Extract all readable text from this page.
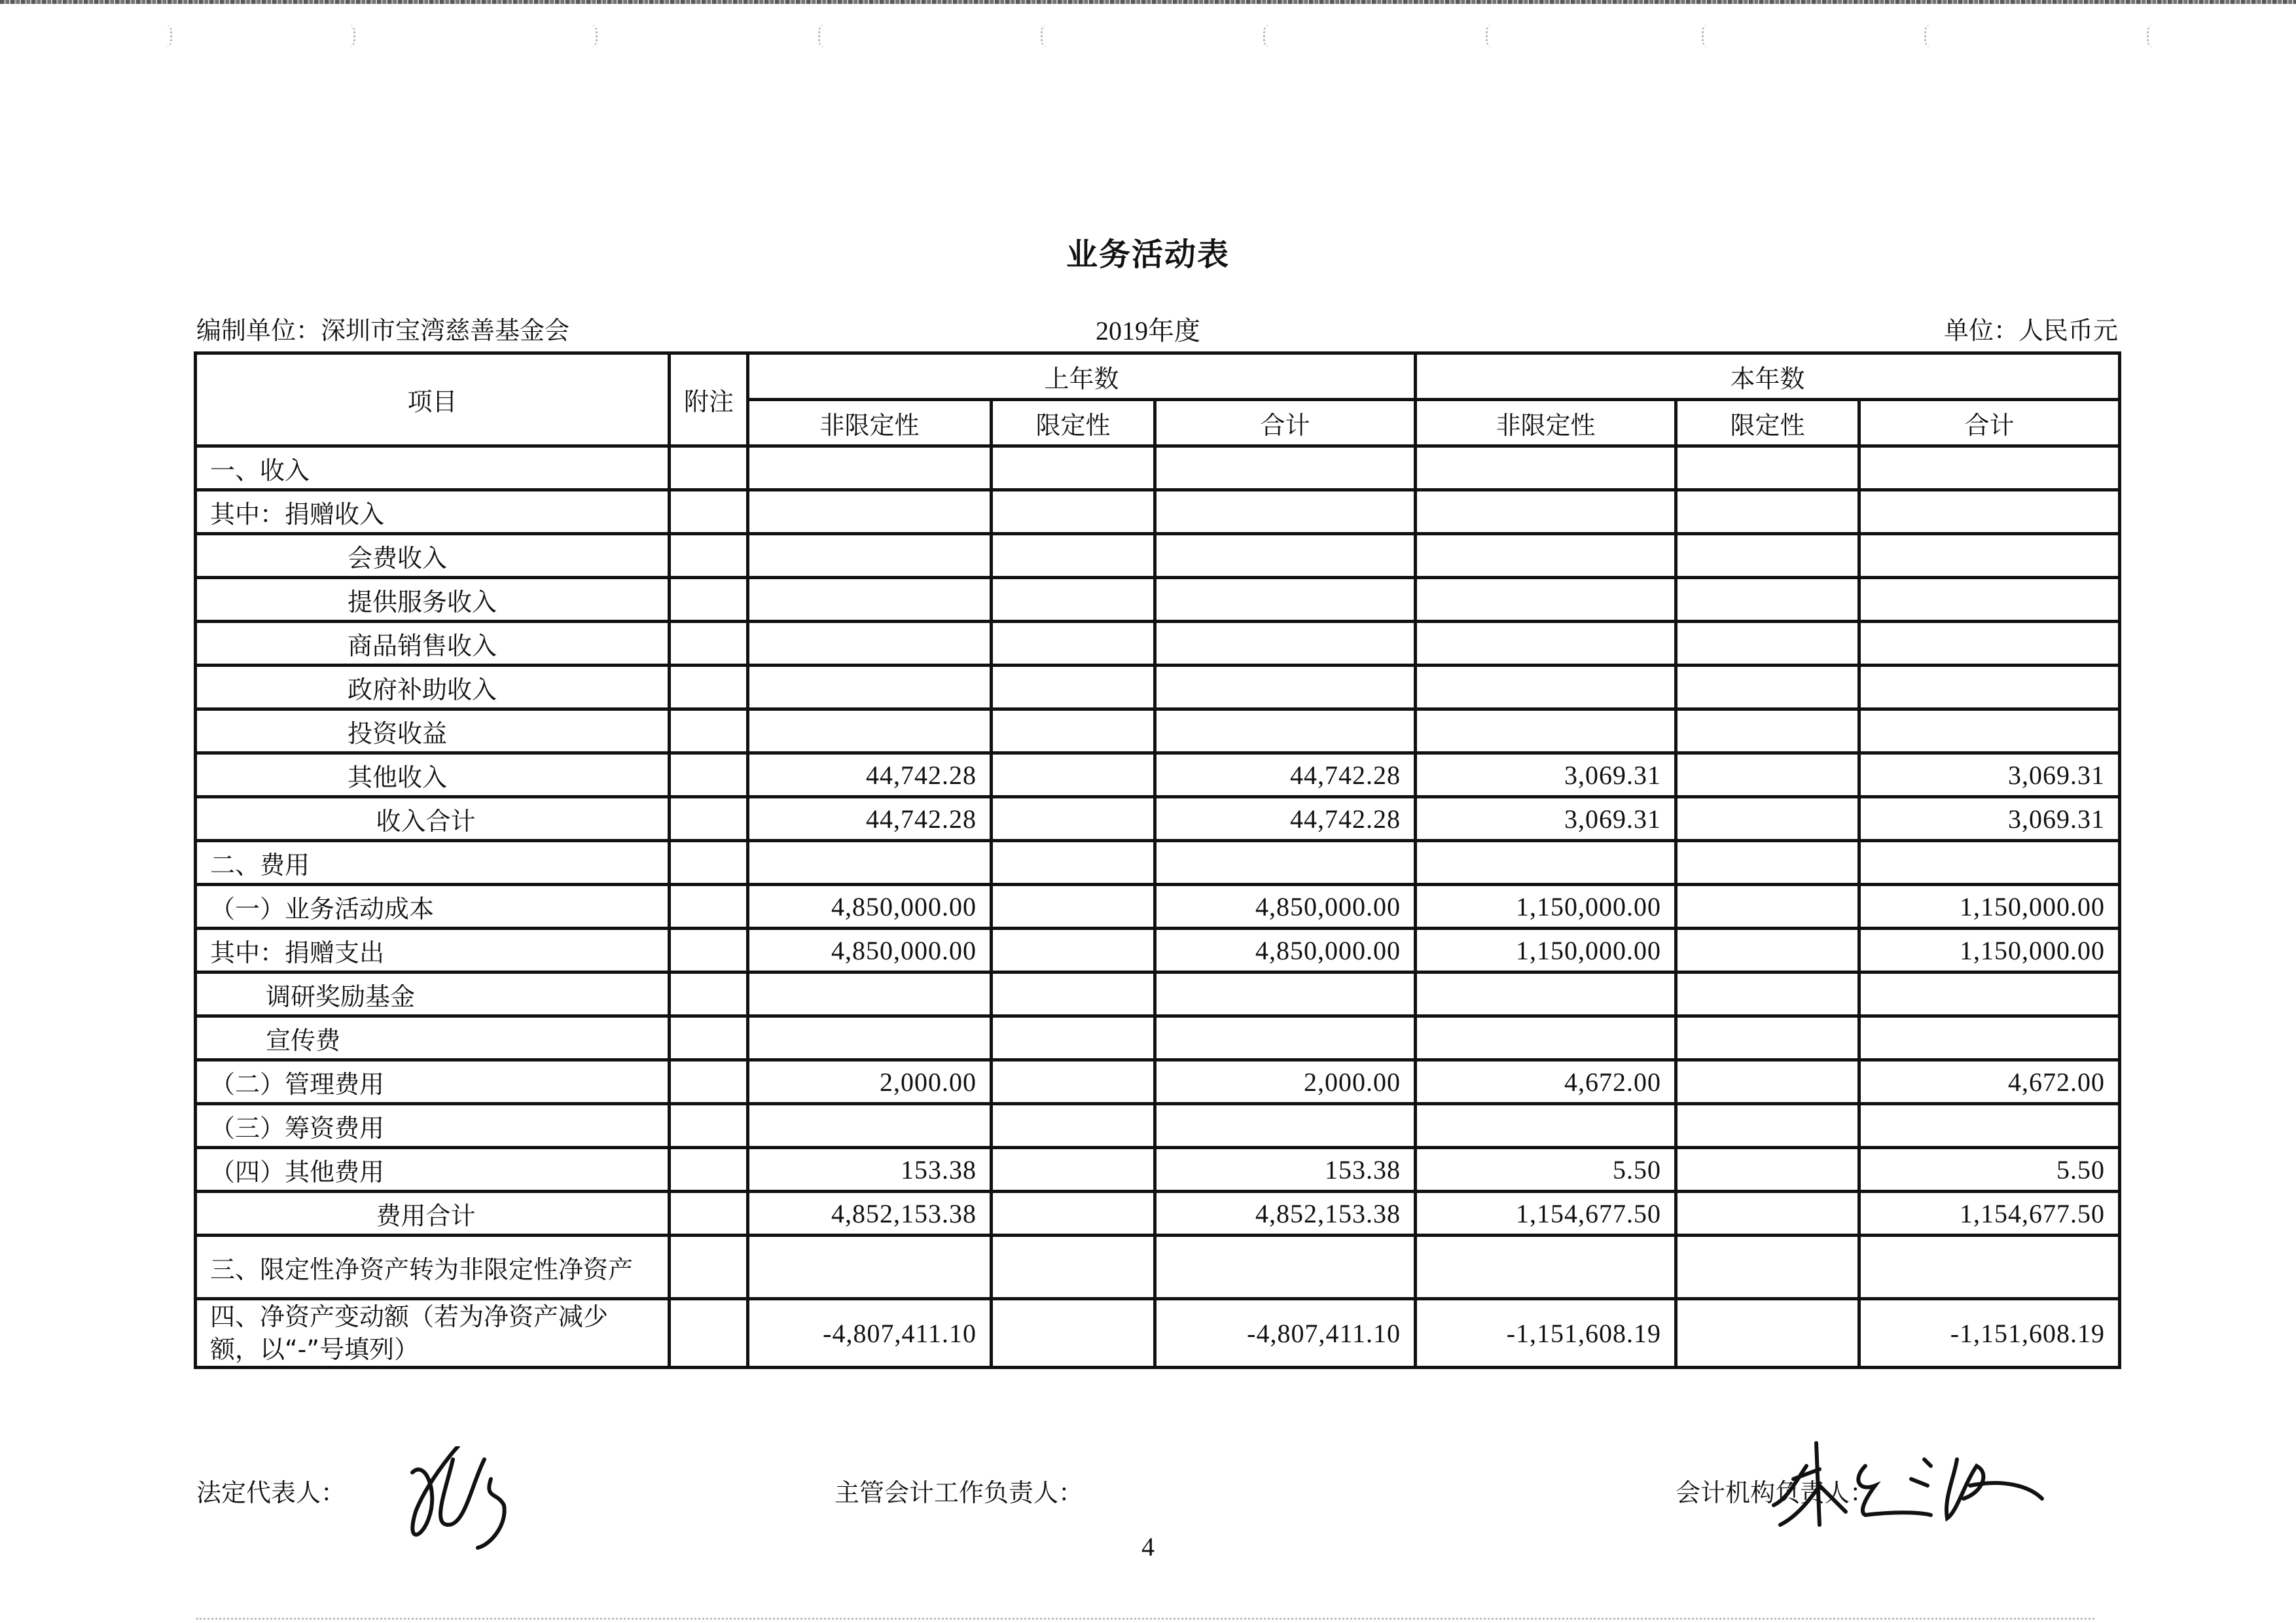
业务活动表
编制单位：深圳市宝湾慈善基金会	2019年度	单位：人民币元
项目	附注	上年数			本年数		
		非限定性	限定性	合计	非限定性	限定性	合计
一、收入							
其中：捐赠收入							
会费收入							
提供服务收入							
商品销售收入							
政府补助收入							
投资收益							
其他收入		44,742.28		44,742.28	3,069.31		3,069.31
收入合计		44,742.28		44,742.28	3,069.31		3,069.31
二、费用							
（一）业务活动成本		4,850,000.00		4,850,000.00	1,150,000.00		1,150,000.00
其中：捐赠支出		4,850,000.00		4,850,000.00	1,150,000.00		1,150,000.00
调研奖励基金							
宣传费							
（二）管理费用		2,000.00		2,000.00	4,672.00		4,672.00
（三）筹资费用							
（四）其他费用		153.38		153.38	5.50		5.50
费用合计		4,852,153.38		4,852,153.38	1,154,677.50		1,154,677.50
三、限定性净资产转为非限定性净资产							
四、净资产变动额（若为净资产减少额，以“-”号填列）		-4,807,411.10		-4,807,411.10	-1,151,608.19		-1,151,608.19
法定代表人：	主管会计工作负责人：	会计机构负责人：
4
